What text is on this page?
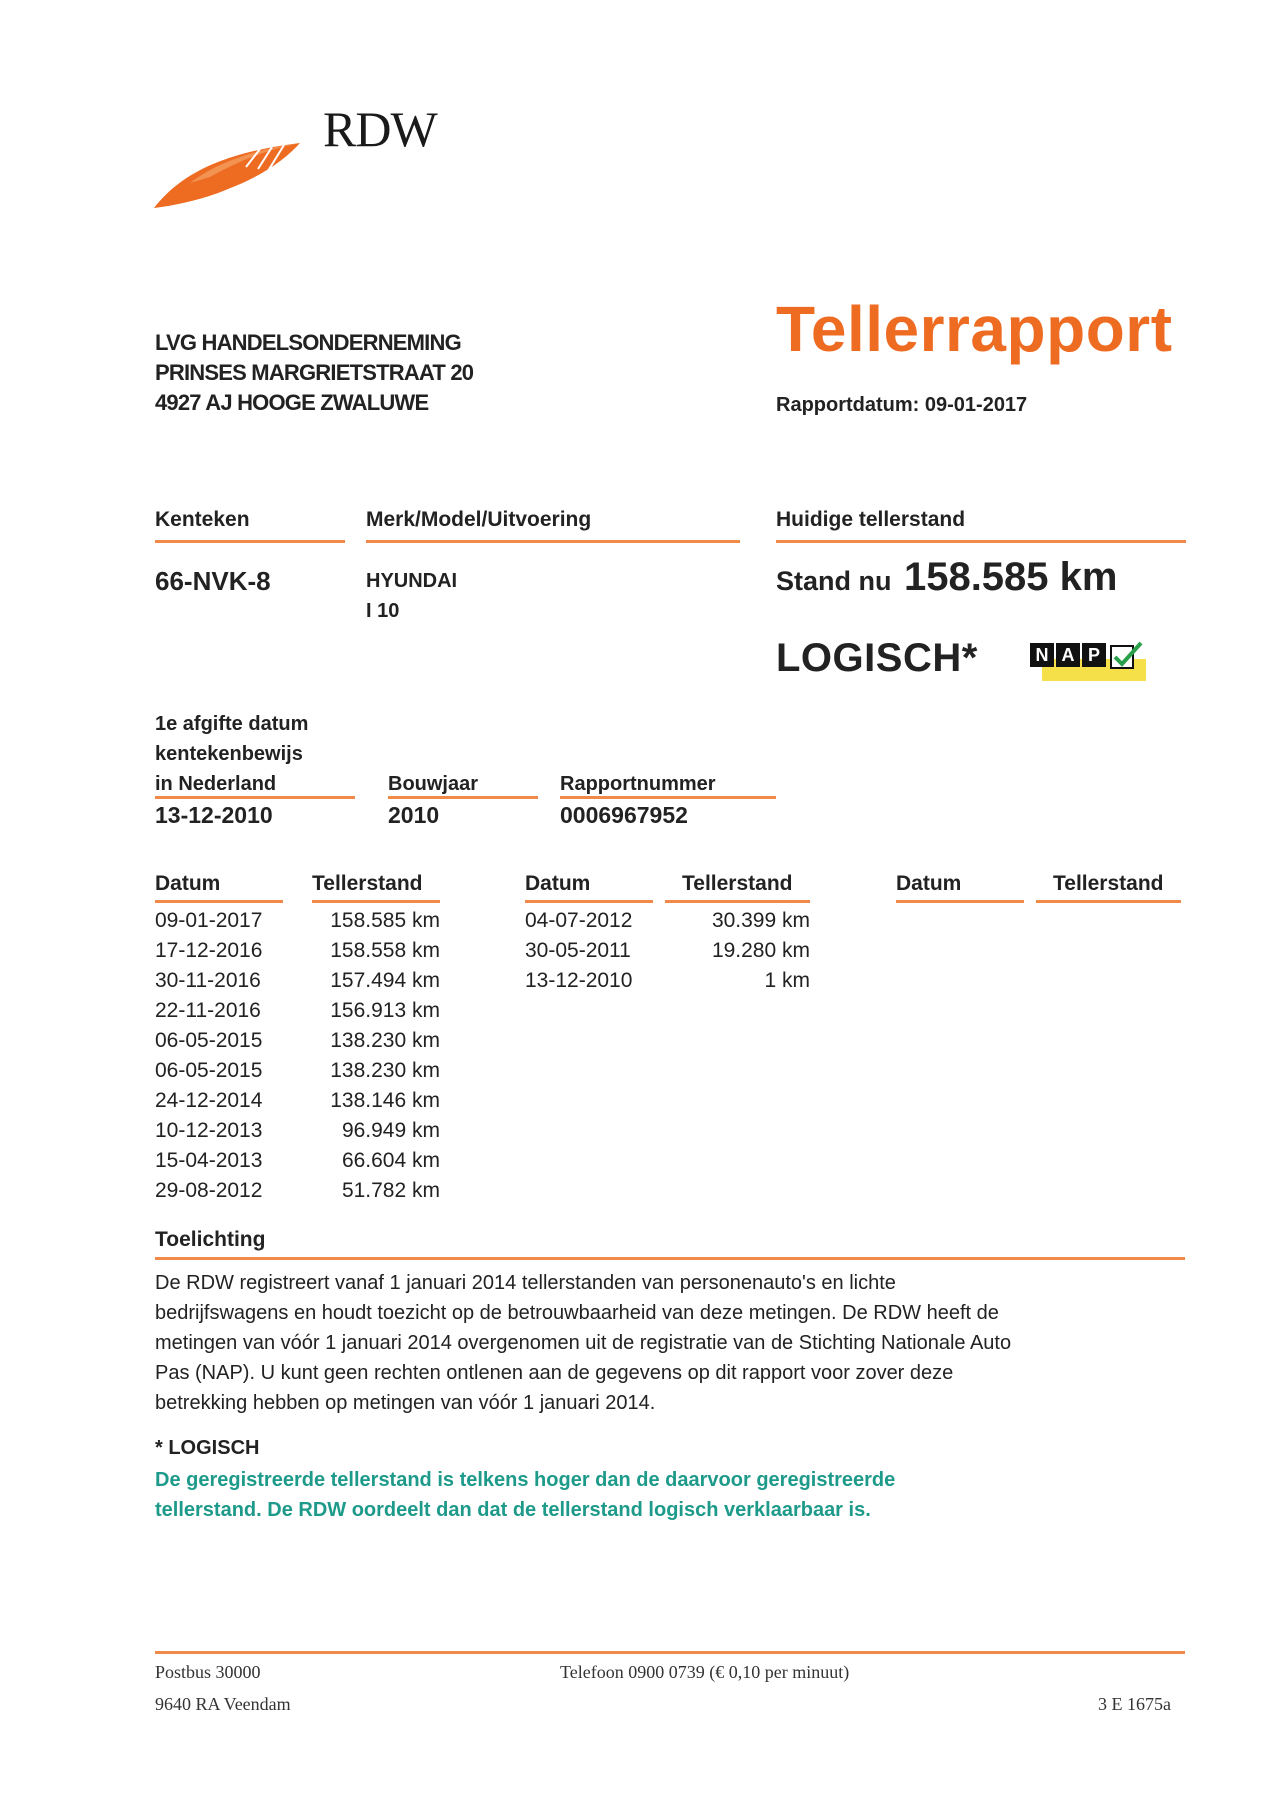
RDW
LVG HANDELSONDERNEMING
PRINSES MARGRIETSTRAAT 20
4927 AJ HOOGE ZWALUWE
Tellerrapport
Rapportdatum: 09-01-2017
Kenteken	Merk/Model/Uitvoering	Huidige tellerstand
66-NVK-8	HYUNDAI
I 10
Stand nu 158.585 km
LOGISCH*	N A P
1e afgifte datum
kentekenbewijs
in Nederland	Bouwjaar	Rapportnummer
13-12-2010	2010	0006967952
Datum	Tellerstand
09-01-2017	158.585 km
17-12-2016	158.558 km
30-11-2016	157.494 km
22-11-2016	156.913 km
06-05-2015	138.230 km
06-05-2015	138.230 km
24-12-2014	138.146 km
10-12-2013	96.949 km
15-04-2013	66.604 km
29-08-2012	51.782 km
Datum	Tellerstand
04-07-2012	30.399 km
30-05-2011	19.280 km
13-12-2010	1 km
Datum	Tellerstand
Toelichting
De RDW registreert vanaf 1 januari 2014 tellerstanden van personenauto's en lichte
bedrijfswagens en houdt toezicht op de betrouwbaarheid van deze metingen. De RDW heeft de
metingen van vóór 1 januari 2014 overgenomen uit de registratie van de Stichting Nationale Auto
Pas (NAP). U kunt geen rechten ontlenen aan de gegevens op dit rapport voor zover deze
betrekking hebben op metingen van vóór 1 januari 2014.
* LOGISCH
De geregistreerde tellerstand is telkens hoger dan de daarvoor geregistreerde
tellerstand. De RDW oordeelt dan dat de tellerstand logisch verklaarbaar is.
Postbus 30000
9640 RA Veendam
Telefoon 0900 0739 (€ 0,10 per minuut)
3 E 1675a
